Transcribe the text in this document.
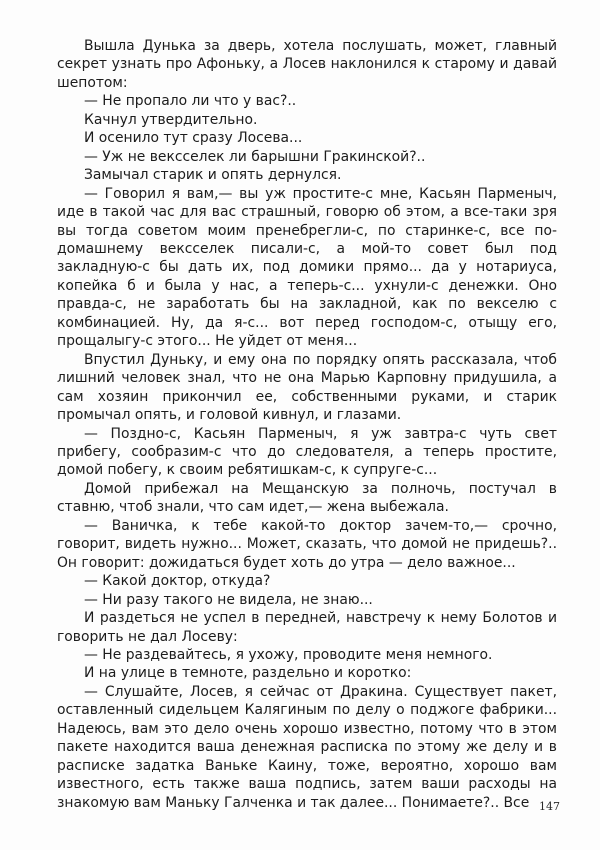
Вышла Дунька за дверь, хотела послушать, может, главный секрет узнать про Афоньку, а Лосев наклонился к старому и давай шепотом:

— Не пропало ли что у вас?..

Качнул утвердительно.

И осенило тут сразу Лосева...

— Уж не вексселек ли барышни Гракинской?..

Замычал старик и опять дернулся.

— Говорил я вам,— вы уж простите-с мне, Касьян Парменыч, иде в такой час для вас страшный, говорю об этом, а все-таки зря вы тогда советом моим пренебрегли-с, по старинке-с, все по-домашнему вексселек писали-с, а мой-то совет был под закладную-с бы дать их, под домики прямо... да у нотариуса, копейка б и была у нас, а теперь-с... ухнули-с денежки. Оно правда-с, не заработать бы на закладной, как по векселю с комбинацией. Ну, да я-с... вот перед господом-с, отыщу его, прощалыгу-с этого... Не уйдет от меня...

Впустил Дуньку, и ему она по порядку опять рассказала, чтоб лишний человек знал, что не она Марью Карповну придушила, а сам хозяин прикончил ее, собственными руками, и старик промычал опять, и головой кивнул, и глазами.

— Поздно-с, Касьян Парменыч, я уж завтра-с чуть свет прибегу, сообразим-с что до следователя, а теперь простите, домой побегу, к своим ребятишкам-с, к супруге-с...

Домой прибежал на Мещанскую за полночь, постучал в ставню, чтоб знали, что сам идет,— жена выбежала.

— Ваничка, к тебе какой-то доктор зачем-то,— срочно, говорит, видеть нужно... Может, сказать, что домой не придешь?.. Он говорит: дожидаться будет хоть до утра — дело важное...

— Какой доктор, откуда?

— Ни разу такого не видела, не знаю...

И раздеться не успел в передней, навстречу к нему Болотов и говорить не дал Лосеву:

— Не раздевайтесь, я ухожу, проводите меня немного.

И на улице в темноте, раздельно и коротко:

— Слушайте, Лосев, я сейчас от Дракина. Существует пакет, оставленный сидельцем Калягиным по делу о поджоге фабрики... Надеюсь, вам это дело очень хорошо известно, потому что в этом пакете находится ваша денежная расписка по этому же делу и в расписке задатка Ваньке Каину, тоже, вероятно, хорошо вам известного, есть также ваша подпись, затем ваши расходы на знакомую вам Маньку Галченка и так далее... Понимаете?.. Все 147
